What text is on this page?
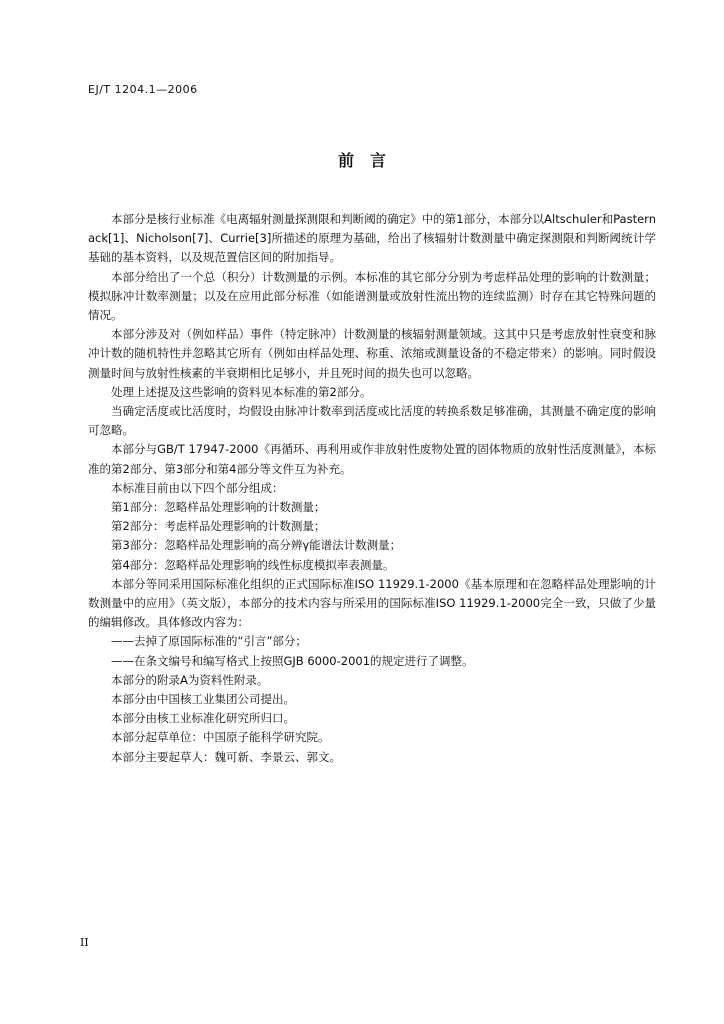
EJ/T 1204.1—2006
前　言

本部分是核行业标准《电离辐射测量探测限和判断阈的确定》中的第1部分，本部分以Altschuler和Pasternack[1]、Nicholson[7]、Currie[3]所描述的原理为基础，给出了核辐射计数测量中确定探测限和判断阈统计学基础的基本资料，以及规范置信区间的附加指导。

本部分给出了一个总（积分）计数测量的示例。本标准的其它部分分别为考虑样品处理的影响的计数测量；模拟脉冲计数率测量；以及在应用此部分标准（如能谱测量或放射性流出物的连续监测）时存在其它特殊问题的情况。

本部分涉及对（例如样品）事件（特定脉冲）计数测量的核辐射测量领域。这其中只是考虑放射性衰变和脉冲计数的随机特性并忽略其它所有（例如由样品处理、称重、浓缩或测量设备的不稳定带来）的影响。同时假设测量时间与放射性核素的半衰期相比足够小，并且死时间的损失也可以忽略。

处理上述提及这些影响的资料见本标准的第2部分。

当确定活度或比活度时，均假设由脉冲计数率到活度或比活度的转换系数足够准确，其测量不确定度的影响可忽略。

本部分与GB/T 17947-2000《再循环、再利用或作非放射性废物处置的固体物质的放射性活度测量》，本标准的第2部分、第3部分和第4部分等文件互为补充。

本标准目前由以下四个部分组成：

第1部分：忽略样品处理影响的计数测量；

第2部分：考虑样品处理影响的计数测量；

第3部分：忽略样品处理影响的高分辨γ能谱法计数测量；

第4部分：忽略样品处理影响的线性标度模拟率表测量。

本部分等同采用国际标准化组织的正式国际标准ISO 11929.1-2000《基本原理和在忽略样品处理影响的计数测量中的应用》（英文版），本部分的技术内容与所采用的国际标准ISO 11929.1-2000完全一致，只做了少量的编辑修改。具体修改内容为：

——去掉了原国际标准的“引言”部分；

——在条文编号和编写格式上按照GJB 6000-2001的规定进行了调整。

本部分的附录A为资料性附录。

本部分由中国核工业集团公司提出。

本部分由核工业标准化研究所归口。

本部分起草单位：中国原子能科学研究院。

本部分主要起草人：魏可新、李景云、郭文。

II
